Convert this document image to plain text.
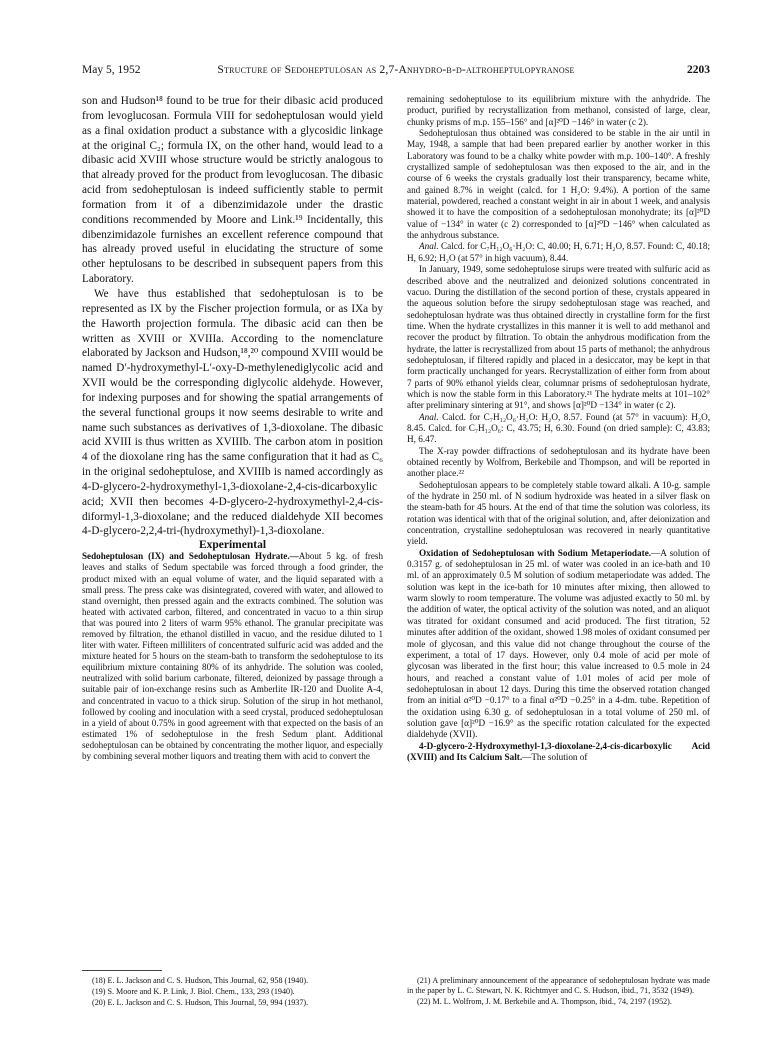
May 5, 1952	Structure of Sedoheptulosan as 2,7-Anhydro-β-d-altroheptulopyranose	2203

son and Hudson¹⁸ found to be true for their dibasic acid produced from levoglucosan. Formula VIII for sedoheptulosan would yield as a final oxidation product a substance with a glycosidic linkage at the original C₂; formula IX, on the other hand, would lead to a dibasic acid XVIII whose structure would be strictly analogous to that already proved for the product from levoglucosan. The dibasic acid from sedoheptulosan is indeed sufficiently stable to permit formation from it of a dibenzimidazole under the drastic conditions recommended by Moore and Link.¹⁹ Incidentally, this dibenzimidazole furnishes an excellent reference compound that has already proved useful in elucidating the structure of some other heptulosans to be described in subsequent papers from this Laboratory.

We have thus established that sedoheptulosan is to be represented as IX by the Fischer projection formula, or as IXa by the Haworth projection formula. The dibasic acid can then be written as XVIII or XVIIIa. According to the nomenclature elaborated by Jackson and Hudson,¹⁸,²⁰ compound XVIII would be named D′-hydroxymethyl-L′-oxy-D-methylenediglycolic acid and XVII would be the corresponding diglycolic aldehyde. However, for indexing purposes and for showing the spatial arrangements of the several functional groups it now seems desirable to write and name such substances as derivatives of 1,3-dioxolane. The dibasic acid XVIII is thus written as XVIIIb. The carbon atom in position 4 of the dioxolane ring has the same configuration that it had as C₆ in the original sedoheptulose, and XVIIIb is named accordingly as 4-D-glycero-2-hydroxymethyl-1,3-dioxolane-2,4-cis-dicarboxylic acid; XVII then becomes 4-D-glycero-2-hydroxymethyl-2,4-cis-diformyl-1,3-dioxolane; and the reduced dialdehyde XII becomes 4-D-glycero-2,2,4-tri-(hydroxymethyl)-1,3-dioxolane.

Experimental

Sedoheptulosan (IX) and Sedoheptulosan Hydrate.—About 5 kg. of fresh leaves and stalks of Sedum spectabile was forced through a food grinder, the product mixed with an equal volume of water, and the liquid separated with a small press. The press cake was disintegrated, covered with water, and allowed to stand overnight, then pressed again and the extracts combined. The solution was heated with activated carbon, filtered, and concentrated in vacuo to a thin sirup that was poured into 2 liters of warm 95% ethanol. The granular precipitate was removed by filtration, the ethanol distilled in vacuo, and the residue diluted to 1 liter with water. Fifteen milliliters of concentrated sulfuric acid was added and the mixture heated for 5 hours on the steam-bath to transform the sedoheptulose to its equilibrium mixture containing 80% of its anhydride. The solution was cooled, neutralized with solid barium carbonate, filtered, deionized by passage through a suitable pair of ion-exchange resins such as Amberlite IR-120 and Duolite A-4, and concentrated in vacuo to a thick sirup. Solution of the sirup in hot methanol, followed by cooling and inoculation with a seed crystal, produced sedoheptulosan in a yield of about 0.75% in good agreement with that expected on the basis of an estimated 1% of sedoheptulose in the fresh Sedum plant. Additional sedoheptulosan can be obtained by concentrating the mother liquor, and especially by combining several mother liquors and treating them with acid to convert the

remaining sedoheptulose to its equilibrium mixture with the anhydride. The product, purified by recrystallization from methanol, consisted of large, clear, chunky prisms of m.p. 155–156° and [α]²⁰D −146° in water (c 2).

Sedoheptulosan thus obtained was considered to be stable in the air until in May, 1948, a sample that had been prepared earlier by another worker in this Laboratory was found to be a chalky white powder with m.p. 100–140°. A freshly crystallized sample of sedoheptulosan was then exposed to the air, and in the course of 6 weeks the crystals gradually lost their transparency, became white, and gained 8.7% in weight (calcd. for 1 H₂O: 9.4%). A portion of the same material, powdered, reached a constant weight in air in about 1 week, and analysis showed it to have the composition of a sedoheptulosan monohydrate; its [α]²⁰D value of −134° in water (c 2) corresponded to [α]²⁰D −146° when calculated as the anhydrous substance.

Anal. Calcd. for C₇H₁₂O₆·H₂O: C, 40.00; H, 6.71; H₂O, 8.57. Found: C, 40.18; H, 6.92; H₂O (at 57° in high vacuum), 8.44.

In January, 1949, some sedoheptulose sirups were treated with sulfuric acid as described above and the neutralized and deionized solutions concentrated in vacuo. During the distillation of the second portion of these, crystals appeared in the aqueous solution before the sirupy sedoheptulosan stage was reached, and sedoheptulosan hydrate was thus obtained directly in crystalline form for the first time. When the hydrate crystallizes in this manner it is well to add methanol and recover the product by filtration. To obtain the anhydrous modification from the hydrate, the latter is recrystallized from about 15 parts of methanol; the anhydrous sedoheptulosan, if filtered rapidly and placed in a desiccator, may be kept in that form practically unchanged for years. Recrystallization of either form from about 7 parts of 90% ethanol yields clear, columnar prisms of sedoheptulosan hydrate, which is now the stable form in this Laboratory.²¹ The hydrate melts at 101–102° after preliminary sintering at 91°, and shows [α]²⁰D −134° in water (c 2).

Anal. Calcd. for C₇H₁₂O₆·H₂O: H₂O, 8.57. Found (at 57° in vacuum): H₂O, 8.45. Calcd. for C₇H₁₂O₆: C, 43.75; H, 6.30. Found (on dried sample): C, 43.83; H, 6.47.

The X-ray powder diffractions of sedoheptulosan and its hydrate have been obtained recently by Wolfrom, Berkebile and Thompson, and will be reported in another place.²²

Sedoheptulosan appears to be completely stable toward alkali. A 10-g. sample of the hydrate in 250 ml. of N sodium hydroxide was heated in a silver flask on the steam-bath for 45 hours. At the end of that time the solution was colorless, its rotation was identical with that of the original solution, and, after deionization and concentration, crystalline sedoheptulosan was recovered in nearly quantitative yield.

Oxidation of Sedoheptulosan with Sodium Metaperiodate.—A solution of 0.3157 g. of sedoheptulosan in 25 ml. of water was cooled in an ice-bath and 10 ml. of an approximately 0.5 M solution of sodium metaperiodate was added. The solution was kept in the ice-bath for 10 minutes after mixing, then allowed to warm slowly to room temperature. The volume was adjusted exactly to 50 ml. by the addition of water, the optical activity of the solution was noted, and an aliquot was titrated for oxidant consumed and acid produced. The first titration, 52 minutes after addition of the oxidant, showed 1.98 moles of oxidant consumed per mole of glycosan, and this value did not change throughout the course of the experiment, a total of 17 days. However, only 0.4 mole of acid per mole of glycosan was liberated in the first hour; this value increased to 0.5 mole in 24 hours, and reached a constant value of 1.01 moles of acid per mole of sedoheptulosan in about 12 days. During this time the observed rotation changed from an initial α²⁰D −0.17° to a final α²⁰D −0.25° in a 4-dm. tube. Repetition of the oxidation using 6.30 g. of sedoheptulosan in a total volume of 250 ml. of solution gave [α]²⁰D −16.9° as the specific rotation calculated for the expected dialdehyde (XVII).

4-D-glycero-2-Hydroxymethyl-1,3-dioxolane-2,4-cis-dicarboxylic Acid (XVIII) and Its Calcium Salt.—The solution of

(18) E. L. Jackson and C. S. Hudson, This Journal, 62, 958 (1940).

(19) S. Moore and K. P. Link, J. Biol. Chem., 133, 293 (1940).

(20) E. L. Jackson and C. S. Hudson, This Journal, 59, 994 (1937).

(21) A preliminary announcement of the appearance of sedoheptulosan hydrate was made in the paper by L. C. Stewart, N. K. Richtmyer and C. S. Hudson, ibid., 71, 3532 (1949).

(22) M. L. Wolfrom, J. M. Berkebile and A. Thompson, ibid., 74, 2197 (1952).
